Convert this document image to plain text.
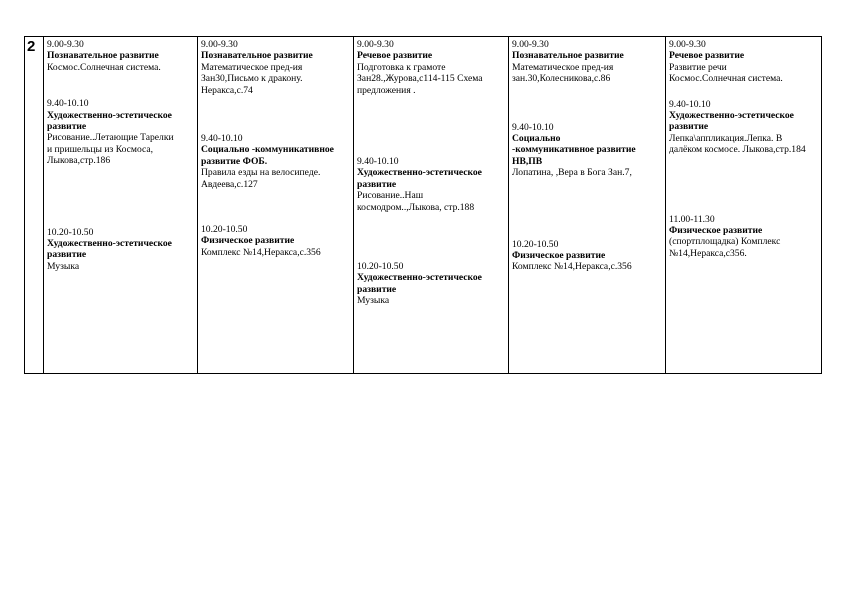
2	9.00-9.30
Познавательное развитие
Космос.Солнечная система.
9.40-10.10
Художественно-эстетическое развитие
Рисование..Летающие Тарелки и пришельцы из Космоса, Лыкова,стр.186
10.20-10.50
Художественно-эстетическое развитие
Музыка

9.00-9.30
Познавательное развитие
Математическое пред-ия Зан30,Письмо к дракону. Нераксa,с.74
9.40-10.10
Социально -коммуникативное развитие ФОБ.
Правила езды на велосипеде. Авдеева,с.127
10.20-10.50
Физическое развитие
Комплекс №14,Нераксa,с.356

9.00-9.30
Речевое развитие
Подготовка к грамоте Зан28.,Журова,с114-115 Схема предложения .
9.40-10.10
Художественно-эстетическое развитие
Рисование..Наш космодром..,Лыкова, стр.188
10.20-10.50
Художественно-эстетическое развитие
Музыка

9.00-9.30
Познавательное развитие
Математическое пред-ия зан.30,Колесникова,с.86
9.40-10.10
Социально -коммуникативное развитие НВ,ПВ
Лопатина, ,Вера в Бога Зан.7,
10.20-10.50
Физическое развитие
Комплекс №14,Нераксa,с.356

9.00-9.30
Речевое развитие
Развитие речи Космос.Солнечная система.
9.40-10.10
Художественно-эстетическое развитие
Лепка\аппликация.Лепка. В далёком космосе. Лыкова,стр.184
11.00-11.30
Физическое развитие
(спортплощадка) Комплекс №14,Нераксa,с356.
